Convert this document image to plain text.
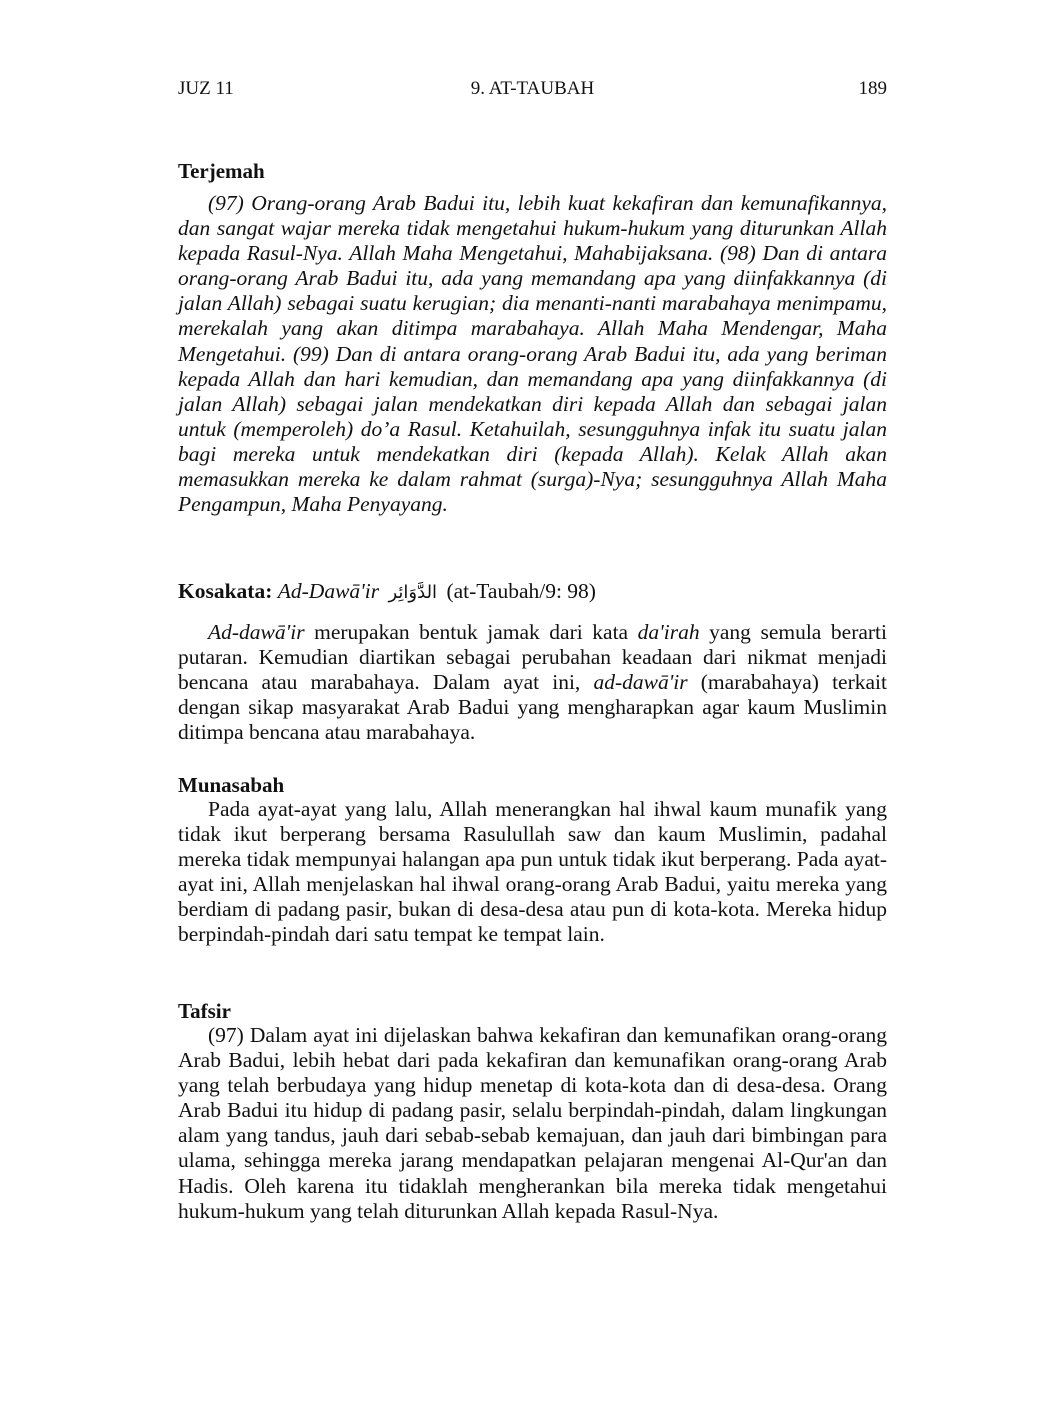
JUZ 11	9. AT-TAUBAH	189
Terjemah

(97) Orang-orang Arab Badui itu, lebih kuat kekafiran dan kemunafikannya, dan sangat wajar mereka tidak mengetahui hukum-hukum yang diturunkan Allah kepada Rasul-Nya. Allah Maha Mengetahui, Mahabijaksana. (98) Dan di antara orang-orang Arab Badui itu, ada yang memandang apa yang diinfakkannya (di jalan Allah) sebagai suatu kerugian; dia menanti-nanti marabahaya menimpamu, merekalah yang akan ditimpa marabahaya. Allah Maha Mendengar, Maha Mengetahui. (99) Dan di antara orang-orang Arab Badui itu, ada yang beriman kepada Allah dan hari kemudian, dan memandang apa yang diinfakkannya (di jalan Allah) sebagai jalan mendekatkan diri kepada Allah dan sebagai jalan untuk (memperoleh) do’a Rasul. Ketahuilah, sesungguhnya infak itu suatu jalan bagi mereka untuk mendekatkan diri (kepada Allah). Kelak Allah akan memasukkan mereka ke dalam rahmat (surga)-Nya; sesungguhnya Allah Maha Pengampun, Maha Penyayang.

Kosakata: Ad-Dawā'ir الدَّوَائِر (at-Taubah/9: 98)

Ad-dawā'ir merupakan bentuk jamak dari kata da'irah yang semula berarti putaran. Kemudian diartikan sebagai perubahan keadaan dari nikmat menjadi bencana atau marabahaya. Dalam ayat ini, ad-dawā'ir (marabahaya) terkait dengan sikap masyarakat Arab Badui yang mengharapkan agar kaum Muslimin ditimpa bencana atau marabahaya.

Munasabah

Pada ayat-ayat yang lalu, Allah menerangkan hal ihwal kaum munafik yang tidak ikut berperang bersama Rasulullah saw dan kaum Muslimin, padahal mereka tidak mempunyai halangan apa pun untuk tidak ikut berperang. Pada ayat-ayat ini, Allah menjelaskan hal ihwal orang-orang Arab Badui, yaitu mereka yang berdiam di padang pasir, bukan di desa-desa atau pun di kota-kota. Mereka hidup berpindah-pindah dari satu tempat ke tempat lain.

Tafsir

(97) Dalam ayat ini dijelaskan bahwa kekafiran dan kemunafikan orang-orang Arab Badui, lebih hebat dari pada kekafiran dan kemunafikan orang-orang Arab yang telah berbudaya yang hidup menetap di kota-kota dan di desa-desa. Orang Arab Badui itu hidup di padang pasir, selalu berpindah-pindah, dalam lingkungan alam yang tandus, jauh dari sebab-sebab kemajuan, dan jauh dari bimbingan para ulama, sehingga mereka jarang mendapatkan pelajaran mengenai Al-Qur'an dan Hadis. Oleh karena itu tidaklah mengherankan bila mereka tidak mengetahui hukum-hukum yang telah diturunkan Allah kepada Rasul-Nya.
